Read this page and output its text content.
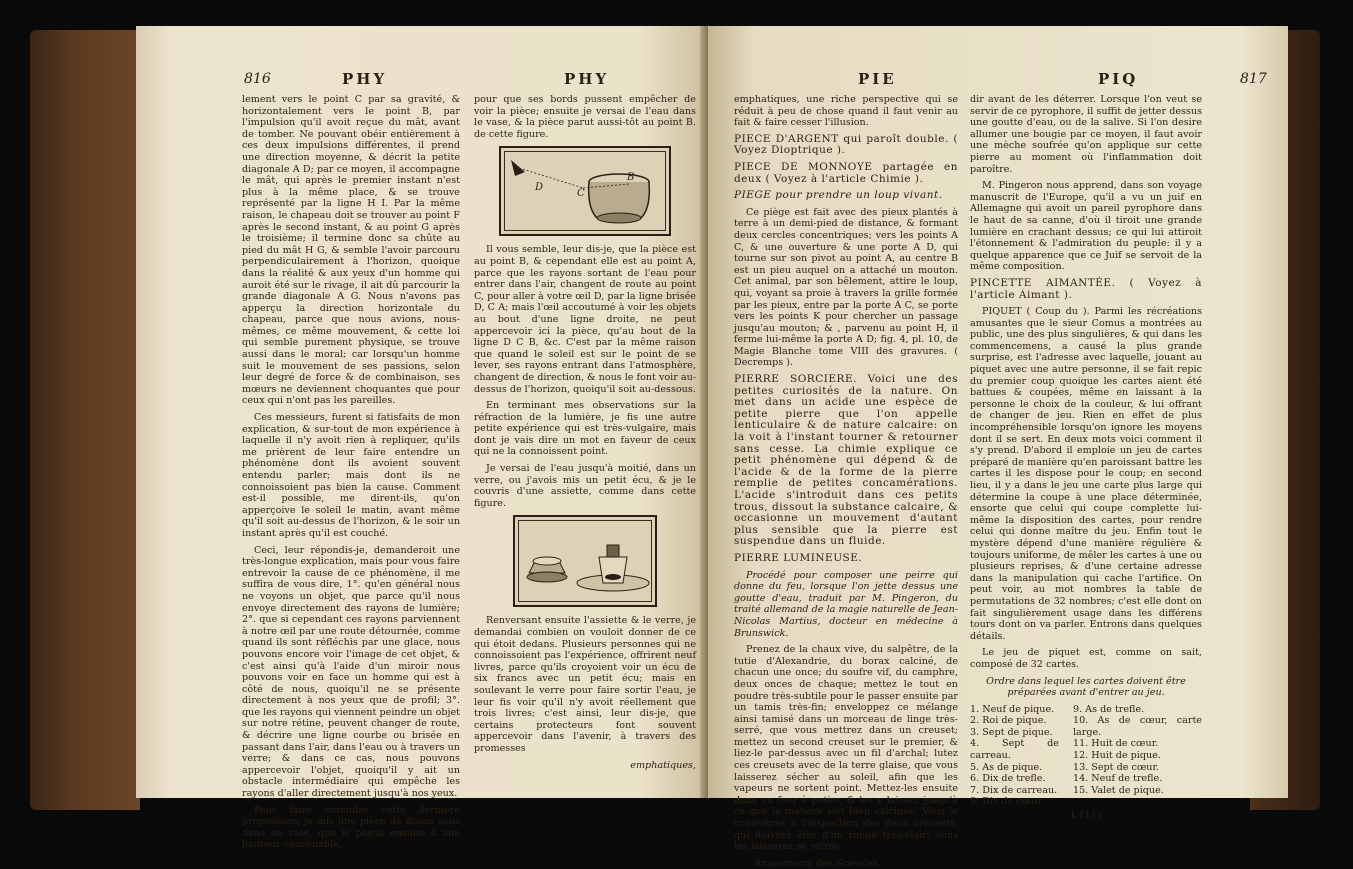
816	PHY	PHY

lement vers le point C par sa gravité, & horizontalement vers le point B, par l'impulsion qu'il avoit reçue du mât, avant de tomber. Ne pouvant obéir entièrement à ces deux impulsions différentes, il prend une direction moyenne, & décrit la petite diagonale A D; par ce moyen, il accompagne le mât, qui après le premier instant n'est plus à la même place, & se trouve représenté par la ligne H I. Par la même raison, le chapeau doit se trouver au point F après le second instant, & au point G après le troisième; il termine donc sa chûte au pied du mât H G, & semble l'avoir parcouru perpendiculairement à l'horizon, quoique dans la réalité & aux yeux d'un homme qui auroit été sur le rivage, il ait dû parcourir la grande diagonale A G. Nous n'avons pas apperçu la direction horizontale du chapeau, parce que nous avions, nous-mêmes, ce même mouvement, & cette loi qui semble purement physique, se trouve aussi dans le moral; car lorsqu'un homme suit le mouvement de ses passions, selon leur degré de force & de combinaison, ses mœurs ne deviennent choquantes que pour ceux qui n'ont pas les pareilles.

Ces messieurs, furent si fatisfaits de mon explication, & sur-tout de mon expérience à laquelle il n'y avoit rien à repliquer, qu'ils me prièrent de leur faire entendre un phénomène dont ils avoient souvent entendu parler; mais dont ils ne connoissoient pas bien la cause. Comment est-il possible, me dirent-ils, qu'on apperçoive le soleil le matin, avant même qu'il soit au-dessus de l'horizon, & le soir un instant après qu'il est couché.

Ceci, leur répondis-je, demanderoit une très-longue explication, mais pour vous faire entrevoir la cause de ce phénomène, il me suffira de vous dire, 1°. qu'en général nous ne voyons un objet, que parce qu'il nous envoye directement des rayons de lumière; 2°. que si cependant ces rayons parviennent à notre œil par une route détournée, comme quand ils sont réfléchis par une glace, nous pouvons encore voir l'image de cet objet, & c'est ainsi qu'à l'aide d'un miroir nous pouvons voir en face un homme qui est à côté de nous, quoiqu'il ne se présente directement à nos yeux que de profil; 3°. que les rayons qui viennent peindre un objet sur notre rétine, peuvent changer de route, & décrire une ligne courbe ou brisée en passant dans l'air, dans l'eau ou à travers un verre; & dans ce cas, nous pouvons appercevoir l'objet, quoiqu'il y ait un obstacle intermédiaire qui empêche les rayons d'aller directement jusqu'à nos yeux.

Pour faire entendre cette dernière proposition, je mis une pièce de douze sous dans un vase, que je plaçai ensuite à une hauteur convenable,

pour que ses bords pussent empêcher de voir la pièce; ensuite je versai de l'eau dans le vase, & la pièce parut aussi-tôt au point B. de cette figure.

D
C
B

Il vous semble, leur dis-je, que la pièce est au point B, & cependant elle est au point A, parce que les rayons sortant de l'eau pour entrer dans l'air, changent de route au point C, pour aller à votre œil D, par la ligne brisée D, C A; mais l'œil accoutumé à voir les objets au bout d'une ligne droite, ne peut appercevoir ici la pièce, qu'au bout de la ligne D C B, &c. C'est par la même raison que quand le soleil est sur le point de se lever, ses rayons entrant dans l'atmosphère, changent de direction, & nous le font voir au-dessus de l'horizon, quoiqu'il soit au-dessous.

En terminant mes observations sur la réfraction de la lumière, je fis une autre petite expérience qui est très-vulgaire, mais dont je vais dire un mot en faveur de ceux qui ne la connoissent point.

Je versai de l'eau jusqu'à moitié, dans un verre, ou j'avois mis un petit écu, & je le couvris d'une assiette, comme dans cette figure.

Renversant ensuite l'assiette & le verre, je demandai combien on vouloit donner de ce qui étoit dedans. Plusieurs personnes qui ne connoissoient pas l'expérience, offrirent neuf livres, parce qu'ils croyoient voir un écu de six francs avec un petit écu; mais en soulevant le verre pour faire sortir l'eau, je leur fis voir qu'il n'y avoit réellement que trois livres; c'est ainsi, leur dis-je, que certains protecteurs font souvent appercevoir dans l'avenir, à travers des promesses

emphatiques,
PIE	PIQ	817

emphatiques, une riche perspective qui se réduit à peu de chose quand il faut venir au fait & faire cesser l'illusion.

PIECE D'ARGENT qui paroît double. ( Voyez Dioptrique ).

PIECE DE MONNOYE partagée en deux ( Voyez à l'article Chimie ).

PIEGE pour prendre un loup vivant.

Ce piège est fait avec des pieux plantés à terre à un demi-pied de distance, & formant deux cercles concentriques; vers les points A C, & une ouverture & une porte A D, qui tourne sur son pivot au point A, au centre B est un pieu auquel on a attaché un mouton. Cet animal, par son bêlement, attire le loup, qui, voyant sa proie à travers la grille formée par les pieux, entre par la porte A C, se porte vers les points K pour chercher un passage jusqu'au mouton; & , parvenu au point H, il ferme lui-même la porte A D; fig. 4, pl. 10, de Magie Blanche tome VIII des gravures. ( Decremps ).

PIERRE SORCIERE. Voici une des petites curiosités de la nature. On met dans un acide une espèce de petite pierre que l'on appelle lenticulaire & de nature calcaire: on la voit à l'instant tourner & retourner sans cesse. La chimie explique ce petit phénomène qui dépend & de l'acide & de la forme de la pierre remplie de petites concamérations. L'acide s'introduit dans ces petits trous, dissout la substance calcaire, & occasionne un mouvement d'autant plus sensible que la pierre est suspendue dans un fluide.

PIERRE LUMINEUSE.

Procédé pour composer une peirre qui donne du feu, lorsque l'on jette dessus une goutte d'eau, traduit par M. Pingeron, du traité allemand de la magie naturelle de Jean-Nicolas Martius, docteur en médecine à Brunswick.

Prenez de la chaux vive, du salpêtre, de la tutie d'Alexandrie, du borax calciné, de chacun une once; du soufre vif, du camphre, deux onces de chaque; mettez le tout en poudre très-subtile pour le passer ensuite par un tamis très-fin; enveloppez ce mélange ainsi tamisé dans un morceau de linge très-serré, que vous mettrez dans un creuset; mettez un second creuset sur le premier, & liez-le par-dessus avec un fil d'archal; lutez ces creusets avec de la terre glaise, que vous laisserez sécher au soleil, afin que les vapeurs ne sortent point. Mettez-les ensuite dans un four à potier, & les y laissez jusqu'à ce que la matière soit bien calcinée. Vous le connoîtrez à l'inspection des deux creusets, qui doivent être d'un rouge très-clair; vous les laisserez se refroi-

Amusemens des Sciences.

dir avant de les déterrer. Lorsque l'on veut se servir de ce pyrophore, il suffit de jetter dessus une goutte d'eau, ou de la salive. Si l'on desire allumer une bougie par ce moyen, il faut avoir une mèche soufrée qu'on applique sur cette pierre au moment où l'inflammation doit paroître.

M. Pingeron nous apprend, dans son voyage manuscrit de l'Europe, qu'il a vu un juif en Allemagne qui avoit un pareil pyrophore dans le haut de sa canne, d'où il tiroit une grande lumière en crachant dessus; ce qui lui attiroit l'étonnement & l'admiration du peuple: il y a quelque apparence que ce Juif se servoit de la même composition.

PINCETTE AIMANTÉE. ( Voyez à l'article Aimant ).

PIQUET ( Coup du ). Parmi les récréations amusantes que le sieur Comus a montrées au public, une des plus singulières, & qui dans les commencemens, a causé la plus grande surprise, est l'adresse avec laquelle, jouant au piquet avec une autre personne, il se fait repic du premier coup quoique les cartes aient été battues & coupées, même en laissant à la personne le choix de la couleur, & lui offrant de changer de jeu. Rien en effet de plus incompréhensible lorsqu'on ignore les moyens dont il se sert. En deux mots voici comment il s'y prend. D'abord il emploie un jeu de cartes préparé de manière qu'en paroissant battre les cartes il les dispose pour le coup; en second lieu, il y a dans le jeu une carte plus large qui détermine la coupe à une place déterminée, ensorte que celui qui coupe complette lui-même la disposition des cartes, pour rendre celui qui donne maître du jeu. Enfin tout le mystère dépend d'une manière régulière & toujours uniforme, de mêler les cartes à une ou plusieurs reprises, & d'une certaine adresse dans la manipulation qui cache l'artifice. On peut voir, au mot nombres la table de permutations de 32 nombres; c'est elle dont on fait singulièrement usage dans les différens tours dont on va parler. Entrons dans quelques détails.

Le jeu de piquet est, comme on sait, composé de 32 cartes.

Ordre dans lequel les cartes doivent être préparées avant d'entrer au jeu.

1. Neuf de pique.
2. Roi de pique.
3. Sept de pique.
4. Sept de carreau.
5. As de pique.
6. Dix de trefle.
7. Dix de carreau.
8. Dix de cœur.
9. As de trefle.
10. As de cœur, carte large.
11. Huit de cœur.
12. Huit de pique.
13. Sept de cœur.
14. Neuf de trefle.
15. Valet de pique.
L l l l l
